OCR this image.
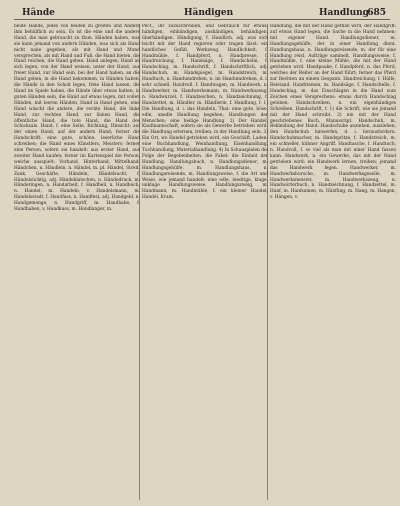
Hände	Händigen	Handlung
685

beide Hände, jedes von beiden zu greifen und Andere ihm behülflich zu sein. Es ist die eine und die andere Hand, die man gebraucht zu thun. Händen haben, was sie kann jemand von andern Händen, was sich als Hand nicht nahe gegeben, als mit Hand und Mund versprechen, als mit Hand und Fuß, die Hand bieten, die Hand reichen, die Hand geben. Hand anlegen, Hand an sich legen, von der Hand weisen, unter der Hand, aus freier Hand, zur Hand sein, bei der Hand haben, an die Hand geben, in die Hand bekommen, in Händen haben, die Hände in den Schoß legen, freie Hand lassen, die Hand im Spiele haben, die Hände über etwas halten, in guten Händen sein, die Hand auf etwas legen, mit vollen Händen, mit leeren Händen, Hand in Hand gehen, eine Hand wäscht die andere, die rechte Hand, die linke Hand, zur rechten Hand, zur linken Hand, die öffentliche Hand, die tote Hand, die Hand des Schicksals. Hand, f. eine Seite, Richtung, Hinsicht: auf der einen Hand, auf der andern Hand; ferner die Handschrift: eine gute, schöne, leserliche Hand schreiben; die Hand eines Künstlers, Meisters; ferner eine Person, sofern sie handelt: aus erster Hand, aus zweiter Hand kaufen; ferner im Kartenspiel die Person, welche ausspielt: Vorhand, Hinterhand, Mittelhand. Händchen, n. Händlein, n. Händel, m. pl. Händel, Streit, Zank, Geschäfte. Händeln, Händelsucht, f. Händelsüchtig, adj. Händeklatschen, n. Händedruck, m. Händeringen, n. Handarbeit, f. Handbeil, n. Handbuch, n. Handel, m. Handeln, v. Handelsmann, m. Handelsstadt, f. Handfass, n. Handfest, adj. Handgeld, n. Handgemenge, n. Handgriff, m. Handhabe, f. Handhaben, v. Handkuss, m. Handlanger, m.

Pect., ihr zuzuschreiben, und Gebrauch für etwas: händigen, einhändigen, aushändigen, behändigen, überhändigen. Händigung, f. Handlich, adj. was sich leicht mit der Hand regieren oder tragen lässt: ein handliches Gefäß, Werkzeug. Handlichkeit, f. Handmühle, f. Handpferd, n. Handpresse, f. Handreichung, f. Handsäge, f. Handschelle, f. Handschlag, m. Handschrift, f. Handschriftlich, adj. Handschuh, m. Handspiegel, m. Handstreich, m. Handtuch, n. Handumdrehen, n. im Handumdrehen, d. i. sehr schnell. Handvoll, f. Handwagen, m. Handwerk, n. Handwerker, m. Handwerksmann, m. Handwerkszeug, n. Handwurzel, f. Handzeichen, n. Handzeichnung, f. Handzettel, m. Händler, m. Händlerin, f. Handlung, f. 1) Die Handlung, d. i. das Handeln, That: eine gute, böse, edle, unedle Handlung begehen; Handlungen der Menschen; eine heilige Handlung. 2) Der Handel, Kaufmannschaft, sofern sie als Gewerbe betrieben wird: die Handlung erlernen, treiben; in der Handlung sein. 3) Ein Ort, wo Handel getrieben wird, ein Geschäft, Laden: eine Buchhandlung, Weinhandlung, Eisenhandlung, Tuchhandlung, Materialhandlung. 4) In Schauspielen die Folge der Begebenheiten, die Fabel: die Einheit der Handlung. Handlungsbuch, n. Handlungsdiener, m. Handlungsgehülfe, m. Handlungshaus, n. Handlungsreisende, m. Handlungsweise, f. die Art und Weise, wie jemand handelt: eine edle, niedrige, kluge, unkluge Handlungsweise. Handlungszweig, m. Handmann, m. Handmühle, f. ein kleiner Handel; Handel, Kram.

Handlung, die mit der Hand gethan wird, der Handgriff: auf etwas Hand legen, die Sache in die Hand nehmen; mit eigener Hand. Handlungsdiener, m. Handlungsgehülfe, der in einer Handlung dient. Handlungshaus, n. Handlungsreisende, m. der für eine Handlung reist, Aufträge sammelt. Handlungsweise, f. Handmühle, f. eine kleine Mühle, die mit der Hand getrieben wird. Handpauke, f. Handpferd, n. das Pferd, welches der Reiter an der Hand führt; ferner das Pferd zur Rechten an einem Gespann. Handreichung, f. Hülfe, Beistand. Handriemen, m. Handsäge, f. Handschelle, f. Handschlag, m. das Einschlagen in die Hand zum Zeichen eines Versprechens: etwas durch Handschlag geloben. Handschreiben, n. ein eigenhändiges Schreiben. Handschrift, f. 1) die Schrift, wie sie jemand mit der Hand schreibt. 2) ein mit der Hand geschriebenes Buch, Manuscript. Handschuh, m. Bekleidung der Hand: Handschuhe anziehen, ausziehen; den Handschuh hinwerfen, d. i. herausfordern. Handschuhmacher, m. Handspritze, f. Handstreich, m. ein schneller, kühner Angriff. Handtasche, f. Handtuch, n. Handvoll, f. so viel als man mit einer Hand fassen kann. Handwerk, n. ein Gewerbe, das mit der Hand getrieben wird: ein Handwerk lernen, treiben; jemand das Handwerk legen. Handwerker, m. Handwerksbursche, m. Handwerksgeselle, m. Handwerksmeister, m. Handwerkszeug, n. Handwörterbuch, n. Handzeichnung, f. Handzettel, m. Hanf, m. Hanfsamen, m. Hänfling, m. Hang, m. Hangen, v. Hängen, v.
